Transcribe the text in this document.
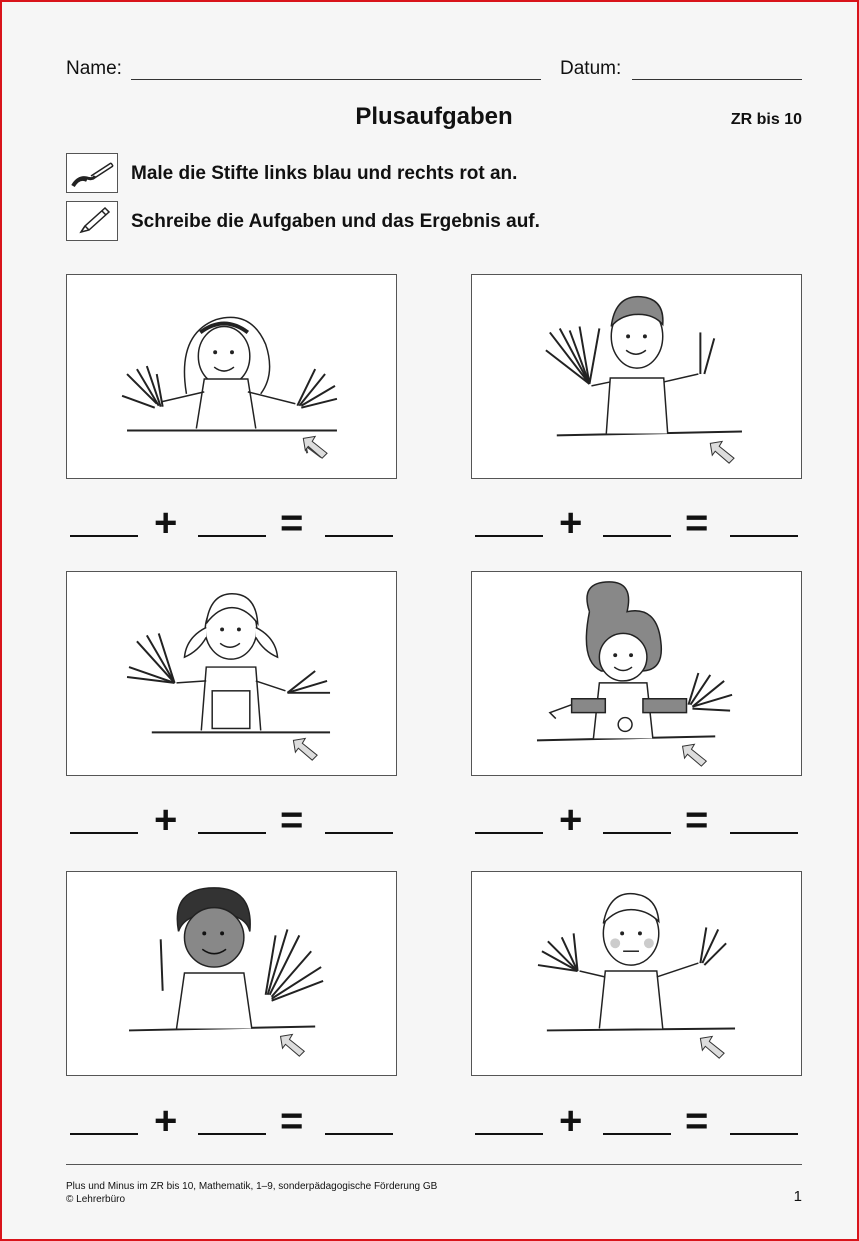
Name:	Datum:
Plusaufgaben	ZR bis 10
Male die Stifte links blau und rechts rot an.
Schreibe die Aufgaben und das Ergebnis auf.
+	=	+	=
+	=	+	=
+	=	+	=
Plus und Minus im ZR bis 10, Mathematik, 1–9, sonderpädagogische Förderung GB
© Lehrerbüro	1
